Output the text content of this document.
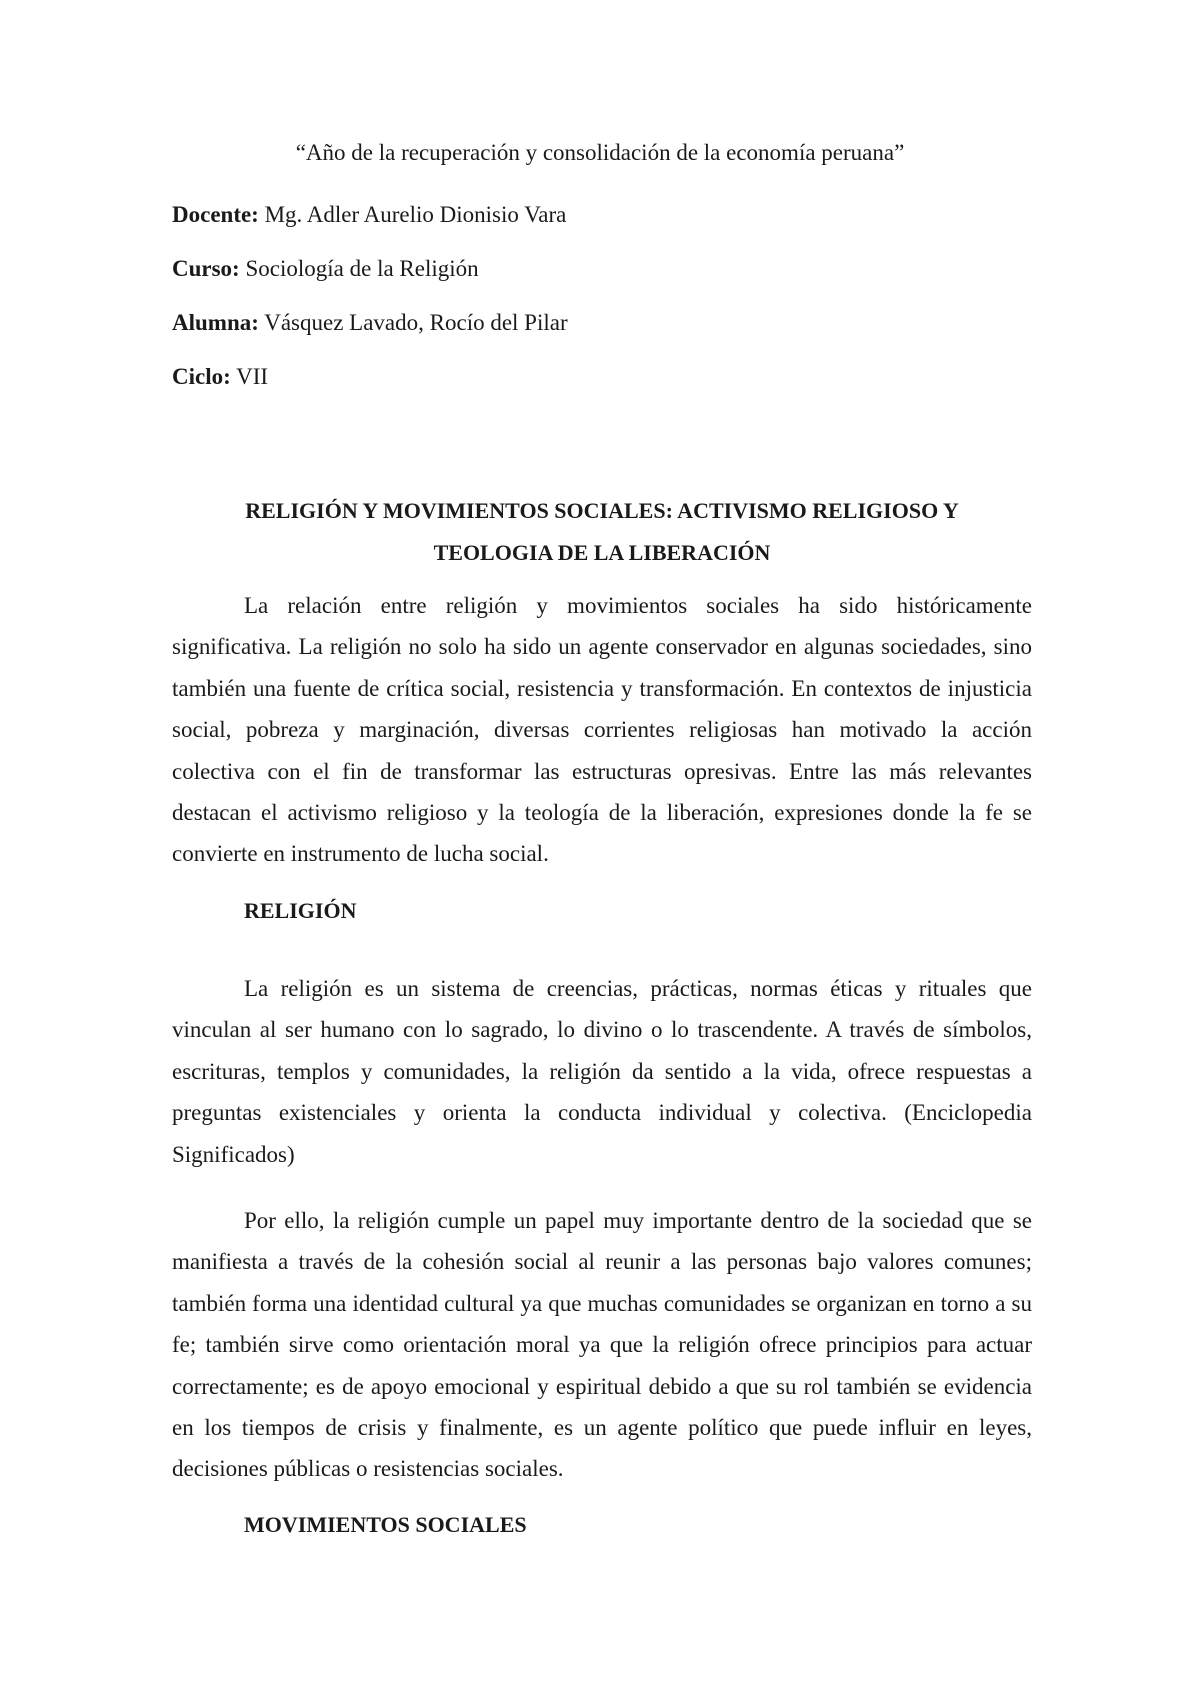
“Año de la recuperación y consolidación de la economía peruana”
Docente: Mg. Adler Aurelio Dionisio Vara
Curso: Sociología de la Religión
Alumna: Vásquez Lavado, Rocío del Pilar
Ciclo: VII
RELIGIÓN Y MOVIMIENTOS SOCIALES: ACTIVISMO RELIGIOSO Y
TEOLOGIA DE LA LIBERACIÓN

La relación entre religión y movimientos sociales ha sido históricamente significativa. La religión no solo ha sido un agente conservador en algunas sociedades, sino también una fuente de crítica social, resistencia y transformación. En contextos de injusticia social, pobreza y marginación, diversas corrientes religiosas han motivado la acción colectiva con el fin de transformar las estructuras opresivas. Entre las más relevantes destacan el activismo religioso y la teología de la liberación, expresiones donde la fe se convierte en instrumento de lucha social.

RELIGIÓN

La religión es un sistema de creencias, prácticas, normas éticas y rituales que vinculan al ser humano con lo sagrado, lo divino o lo trascendente. A través de símbolos, escrituras, templos y comunidades, la religión da sentido a la vida, ofrece respuestas a preguntas existenciales y orienta la conducta individual y colectiva. (Enciclopedia Significados)

Por ello, la religión cumple un papel muy importante dentro de la sociedad que se manifiesta a través de la cohesión social al reunir a las personas bajo valores comunes; también forma una identidad cultural ya que muchas comunidades se organizan en torno a su fe; también sirve como orientación moral ya que la religión ofrece principios para actuar correctamente; es de apoyo emocional y espiritual debido a que su rol también se evidencia en los tiempos de crisis y finalmente, es un agente político que puede influir en leyes, decisiones públicas o resistencias sociales.

MOVIMIENTOS SOCIALES
